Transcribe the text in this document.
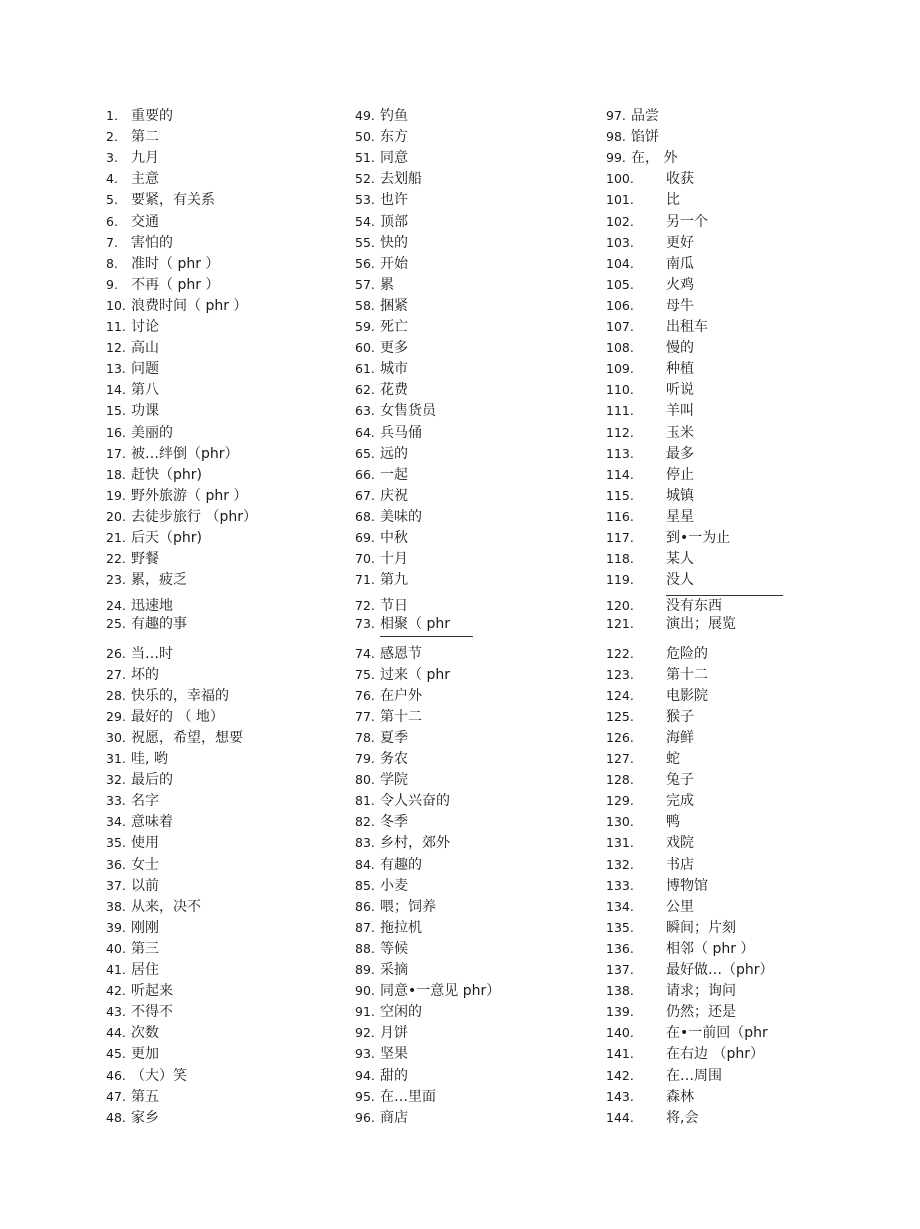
1. 重要的
2. 第二
3. 九月
4. 主意
5. 要紧，有关系
6. 交通
7. 害怕的
8. 准时（ phr ）
9. 不再（ phr ）
10. 浪费时间（ phr ）
11. 讨论
12. 高山
13. 问题
14. 第八
15. 功课
16. 美丽的
17. 被…绊倒（phr）
18. 赶快（phr)
19. 野外旅游（ phr ）
20. 去徒步旅行 （phr）
21. 后天（phr)
22. 野餐
23. 累，疲乏
24. 迅速地
25. 有趣的事
26. 当…时
27. 坏的
28. 快乐的，幸福的
29. 最好的 （ 地）
30. 祝愿，希望，想要
31. 哇, 哟
32. 最后的
33. 名字
34. 意味着
35. 使用
36. 女士
37. 以前
38. 从来，决不
39. 刚刚
40. 第三
41. 居住
42. 听起来
43. 不得不
44. 次数
45. 更加
46. （大）笑
47. 第五
48. 家乡
49. 钓鱼
50. 东方
51. 同意
52. 去划船
53. 也许
54. 顶部
55. 快的
56. 开始
57. 累
58. 捆紧
59. 死亡
60. 更多
61. 城市
62. 花费
63. 女售货员
64. 兵马俑
65. 远的
66. 一起
67. 庆祝
68. 美味的
69. 中秋
70. 十月
71. 第九
72. 节日
73. 相聚（ phr
74. 感恩节
75. 过来（ phr
76. 在户外
77. 第十二
78. 夏季
79. 务农
80. 学院
81. 令人兴奋的
82. 冬季
83. 乡村，郊外
84. 有趣的
85. 小麦
86. 喂；饲养
87. 拖拉机
88. 等候
89. 采摘
90. 同意•一意见 phr）
91. 空闲的
92. 月饼
93. 坚果
94. 甜的
95. 在…里面
96. 商店
97. 品尝
98. 馅饼
99. 在， 外
100. 收获
101. 比
102. 另一个
103. 更好
104. 南瓜
105. 火鸡
106. 母牛
107. 出租车
108. 慢的
109. 种植
110. 听说
111. 羊叫
112. 玉米
113. 最多
114. 停止
115. 城镇
116. 星星
117. 到•一为止
118. 某人
119. 没人
120. 没有东西
121. 演出；展览
122. 危险的
123. 第十二
124. 电影院
125. 猴子
126. 海鲜
127. 蛇
128. 兔子
129. 完成
130. 鸭
131. 戏院
132. 书店
133. 博物馆
134. 公里
135. 瞬间；片刻
136. 相邻（ phr ）
137. 最好做…（phr）
138. 请求；询问
139. 仍然；还是
140. 在•一前回（phr
141. 在右边 （phr）
142. 在…周围
143. 森林
144. 将,会
